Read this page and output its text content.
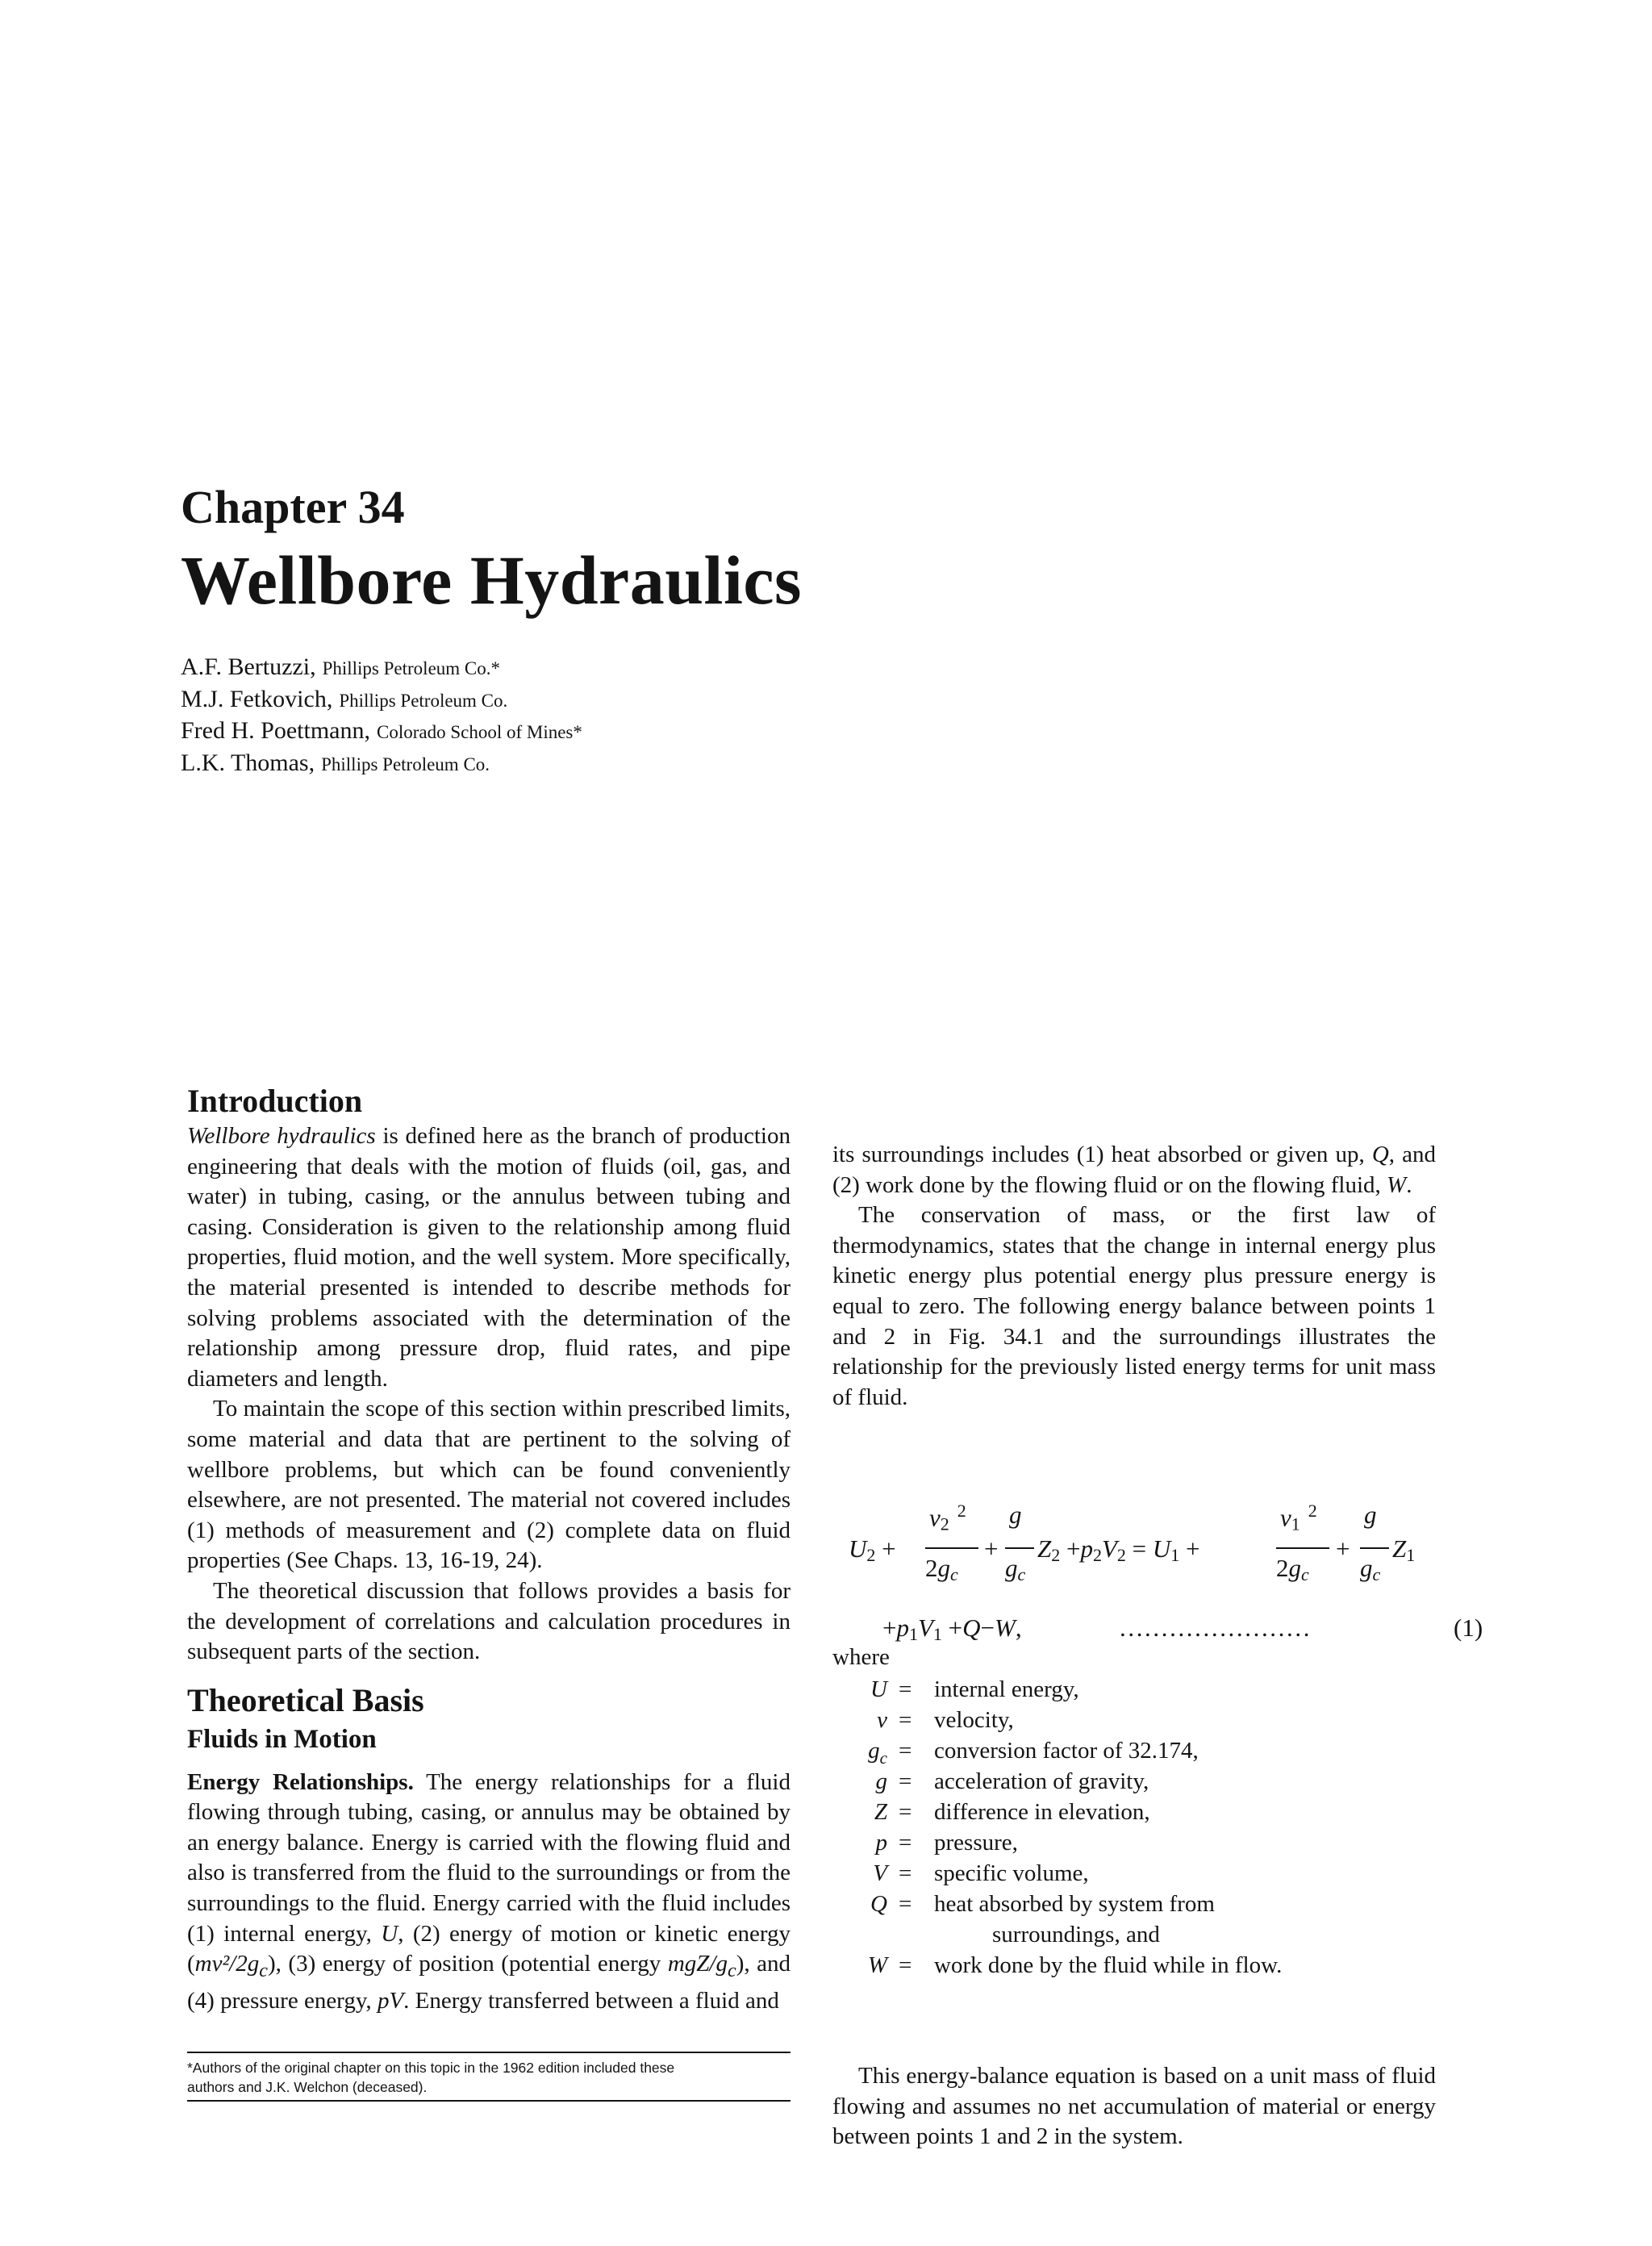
Chapter 34
Wellbore Hydraulics
A.F. Bertuzzi, Phillips Petroleum Co.*
M.J. Fetkovich, Phillips Petroleum Co.
Fred H. Poettmann, Colorado School of Mines*
L.K. Thomas, Phillips Petroleum Co.

Introduction

Wellbore hydraulics is defined here as the branch of production engineering that deals with the motion of fluids (oil, gas, and water) in tubing, casing, or the annulus between tubing and casing. Consideration is given to the relationship among fluid properties, fluid motion, and the well system. More specifically, the material presented is intended to describe methods for solving problems associated with the determination of the relationship among pressure drop, fluid rates, and pipe diameters and length.

To maintain the scope of this section within prescribed limits, some material and data that are pertinent to the solving of wellbore problems, but which can be found conveniently elsewhere, are not presented. The material not covered includes (1) methods of measurement and (2) complete data on fluid properties (See Chaps. 13, 16-19, 24).

The theoretical discussion that follows provides a basis for the development of correlations and calculation procedures in subsequent parts of the section.

Theoretical Basis

Fluids in Motion

Energy Relationships. The energy relationships for a fluid flowing through tubing, casing, or annulus may be obtained by an energy balance. Energy is carried with the flowing fluid and also is transferred from the fluid to the surroundings or from the surroundings to the fluid. Energy carried with the fluid includes (1) internal energy, U, (2) energy of motion or kinetic energy $(mv^2/2g_c)$, (3) energy of position (potential energy mgZ/$g_c$), and (4) pressure energy, pV. Energy transferred between a fluid and

*Authors of the original chapter on this topic in the 1962 edition included these
authors and J.K. Welchon (deceased).

its surroundings includes (1) heat absorbed or given up, Q, and (2) work done by the flowing fluid or on the flowing fluid, W.

The conservation of mass, or the first law of thermodynamics, states that the change in internal energy plus kinetic energy plus potential energy plus pressure energy is equal to zero. The following energy balance between points 1 and 2 in Fig. 34.1 and the surroundings illustrates the relationship for the previously listed energy terms for unit mass of fluid.

$U_2$ +
$v_2^2$
$2g_c$
+
g
$g_c$
$Z_2 +p_2V_2 = U_1$ +
$v_1^2$
$2g_c$
+
g
$g_c$
$Z_1$
$+p_1V_1 +Q-W$,	.......................	(1)
where
U = internal energy,
v = velocity,
$g_c$ = conversion factor of 32.174,
g = acceleration of gravity,
Z = difference in elevation,
p = pressure,
V = specific volume,
Q = heat absorbed by system from
surroundings, and
W = work done by the fluid while in flow.
This energy-balance equation is based on a unit mass of fluid flowing and assumes no net accumulation of material or energy between points 1 and 2 in the system.
